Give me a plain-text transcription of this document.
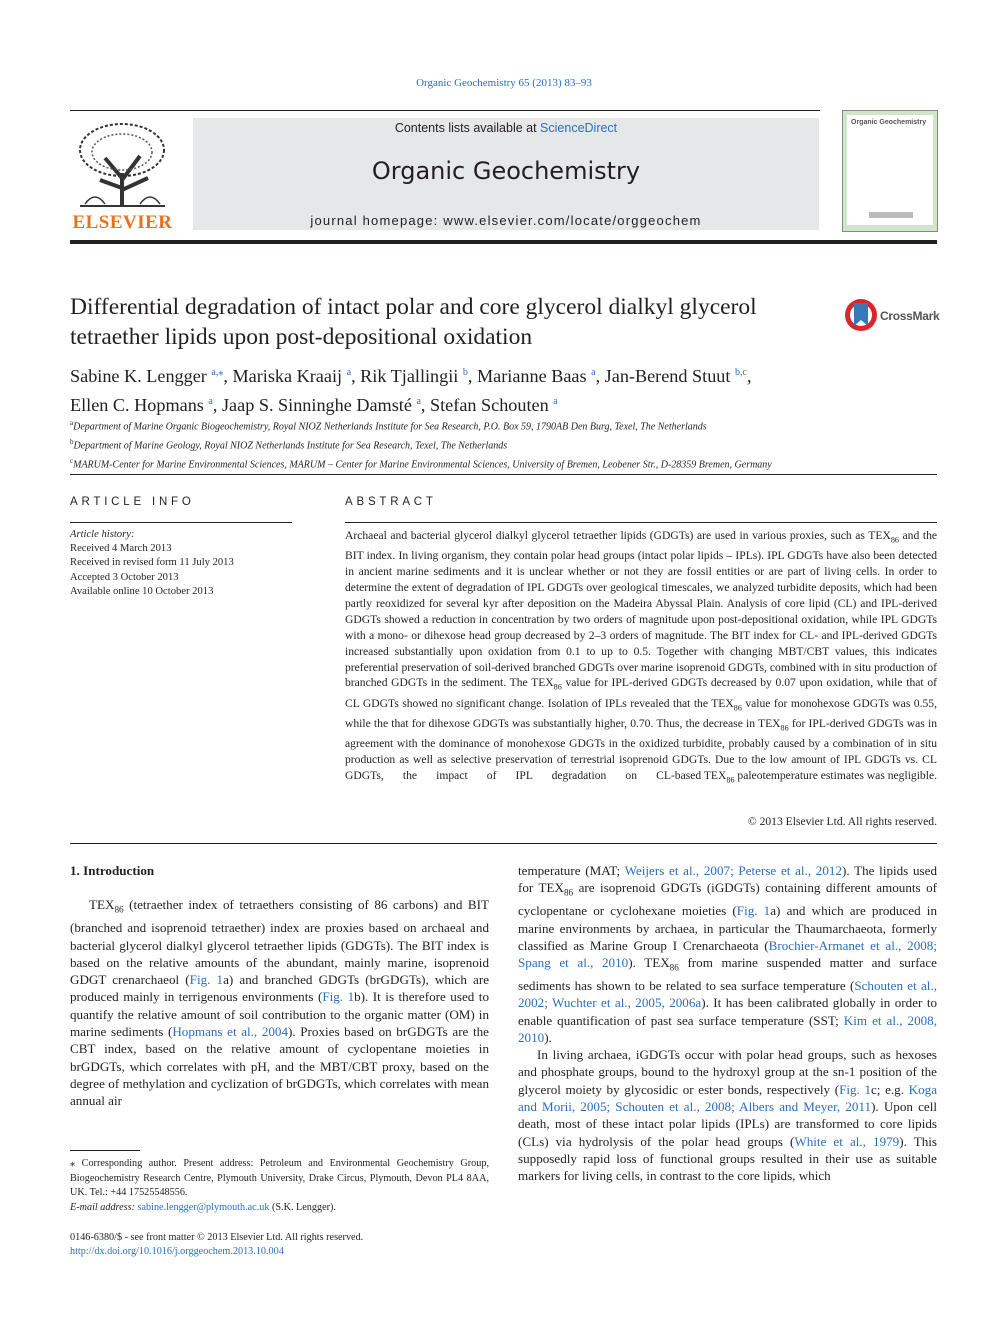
Organic Geochemistry 65 (2013) 83–93
ELSEVIER
Contents lists available at ScienceDirect
Organic Geochemistry
journal homepage: www.elsevier.com/locate/orggeochem
Organic Geochemistry
Differential degradation of intact polar and core glycerol dialkyl glycerol tetraether lipids upon post-depositional oxidation
CrossMark
Sabine K. Lengger $^{a,⁎}$, Mariska Kraaij $^a$, Rik Tjallingii $^b$, Marianne Baas $^a$, Jan-Berend Stuut $^{b,c}$,
Ellen C. Hopmans $^a$, Jaap S. Sinninghe Damsté $^a$, Stefan Schouten $^a$
$^a$Department of Marine Organic Biogeochemistry, Royal NIOZ Netherlands Institute for Sea Research, P.O. Box 59, 1790AB Den Burg, Texel, The Netherlands
$^b$Department of Marine Geology, Royal NIOZ Netherlands Institute for Sea Research, Texel, The Netherlands
$^c$MARUM-Center for Marine Environmental Sciences, MARUM – Center for Marine Environmental Sciences, University of Bremen, Leobener Str., D-28359 Bremen, Germany
ARTICLE INFO
Article history:
Received 4 March 2013
Received in revised form 11 July 2013
Accepted 3 October 2013
Available online 10 October 2013
ABSTRACT
Archaeal and bacterial glycerol dialkyl glycerol tetraether lipids (GDGTs) are used in various proxies, such as $TEX_{86}$ and the BIT index. In living organism, they contain polar head groups (intact polar lipids – IPLs). IPL GDGTs have also been detected in ancient marine sediments and it is unclear whether or not they are fossil entities or are part of living cells. In order to determine the extent of degradation of IPL GDGTs over geological timescales, we analyzed turbidite deposits, which had been partly reoxidized for several kyr after deposition on the Madeira Abyssal Plain. Analysis of core lipid (CL) and IPL-derived GDGTs showed a reduction in concentration by two orders of magnitude upon post-depositional oxidation, while IPL GDGTs with a mono- or dihexose head group decreased by 2–3 orders of magnitude. The BIT index for CL- and IPL-derived GDGTs increased substantially upon oxidation from 0.1 to up to 0.5. Together with changing MBT/CBT values, this indicates preferential preservation of soil-derived branched GDGTs over marine isoprenoid GDGTs, combined with in situ production of branched GDGTs in the sediment. The $TEX_{86}$ value for IPL-derived GDGTs decreased by 0.07 upon oxidation, while that of CL GDGTs showed no significant change. Isolation of IPLs revealed that the $TEX_{86}$ value for monohexose GDGTs was 0.55, while the that for dihexose GDGTs was substantially higher, 0.70. Thus, the decrease in $TEX_{86}$ for IPL-derived GDGTs was in agreement with the dominance of monohexose GDGTs in the oxidized turbidite, probably caused by a combination of in situ production as well as selective preservation of terrestrial isoprenoid GDGTs. Due to the low amount of IPL GDGTs vs. CL GDGTs, the impact of IPL degradation on CL-based $TEX_{86}$ paleotemperature estimates was negligible.
© 2013 Elsevier Ltd. All rights reserved.
1. Introduction

$TEX_{86}$ (tetraether index of tetraethers consisting of 86 carbons) and BIT (branched and isoprenoid tetraether) index are proxies based on archaeal and bacterial glycerol dialkyl glycerol tetraether lipids (GDGTs). The BIT index is based on the relative amounts of the abundant, mainly marine, isoprenoid GDGT crenarchaeol (Fig. 1a) and branched GDGTs (brGDGTs), which are produced mainly in terrigenous environments (Fig. 1b). It is therefore used to quantify the relative amount of soil contribution to the organic matter (OM) in marine sediments (Hopmans et al., 2004). Proxies based on brGDGTs are the CBT index, based on the relative amount of cyclopentane moieties in brGDGTs, which correlates with pH, and the MBT/CBT proxy, based on the degree of methylation and cyclization of brGDGTs, which correlates with mean annual air

temperature (MAT; Weijers et al., 2007; Peterse et al., 2012). The lipids used for $TEX_{86}$ are isoprenoid GDGTs (iGDGTs) containing different amounts of cyclopentane or cyclohexane moieties (Fig. 1a) and which are produced in marine environments by archaea, in particular the Thaumarchaeota, formerly classified as Marine Group I Crenarchaeota (Brochier-Armanet et al., 2008; Spang et al., 2010). $TEX_{86}$ from marine suspended matter and surface sediments has shown to be related to sea surface temperature (Schouten et al., 2002; Wuchter et al., 2005, 2006a). It has been calibrated globally in order to enable quantification of past sea surface temperature (SST; Kim et al., 2008, 2010).

In living archaea, iGDGTs occur with polar head groups, such as hexoses and phosphate groups, bound to the hydroxyl group at the sn-1 position of the glycerol moiety by glycosidic or ester bonds, respectively (Fig. 1c; e.g. Koga and Morii, 2005; Schouten et al., 2008; Albers and Meyer, 2011). Upon cell death, most of these intact polar lipids (IPLs) are transformed to core lipids (CLs) via hydrolysis of the polar head groups (White et al., 1979). This supposedly rapid loss of functional groups resulted in their use as suitable markers for living cells, in contrast to the core lipids, which

⁎ Corresponding author. Present address: Petroleum and Environmental Geochemistry Group, Biogeochemistry Research Centre, Plymouth University, Drake Circus, Plymouth, Devon PL4 8AA, UK. Tel.: +44 17525548556.
E-mail address: sabine.lengger@plymouth.ac.uk (S.K. Lengger).
0146-6380/$ - see front matter © 2013 Elsevier Ltd. All rights reserved.
http://dx.doi.org/10.1016/j.orggeochem.2013.10.004
